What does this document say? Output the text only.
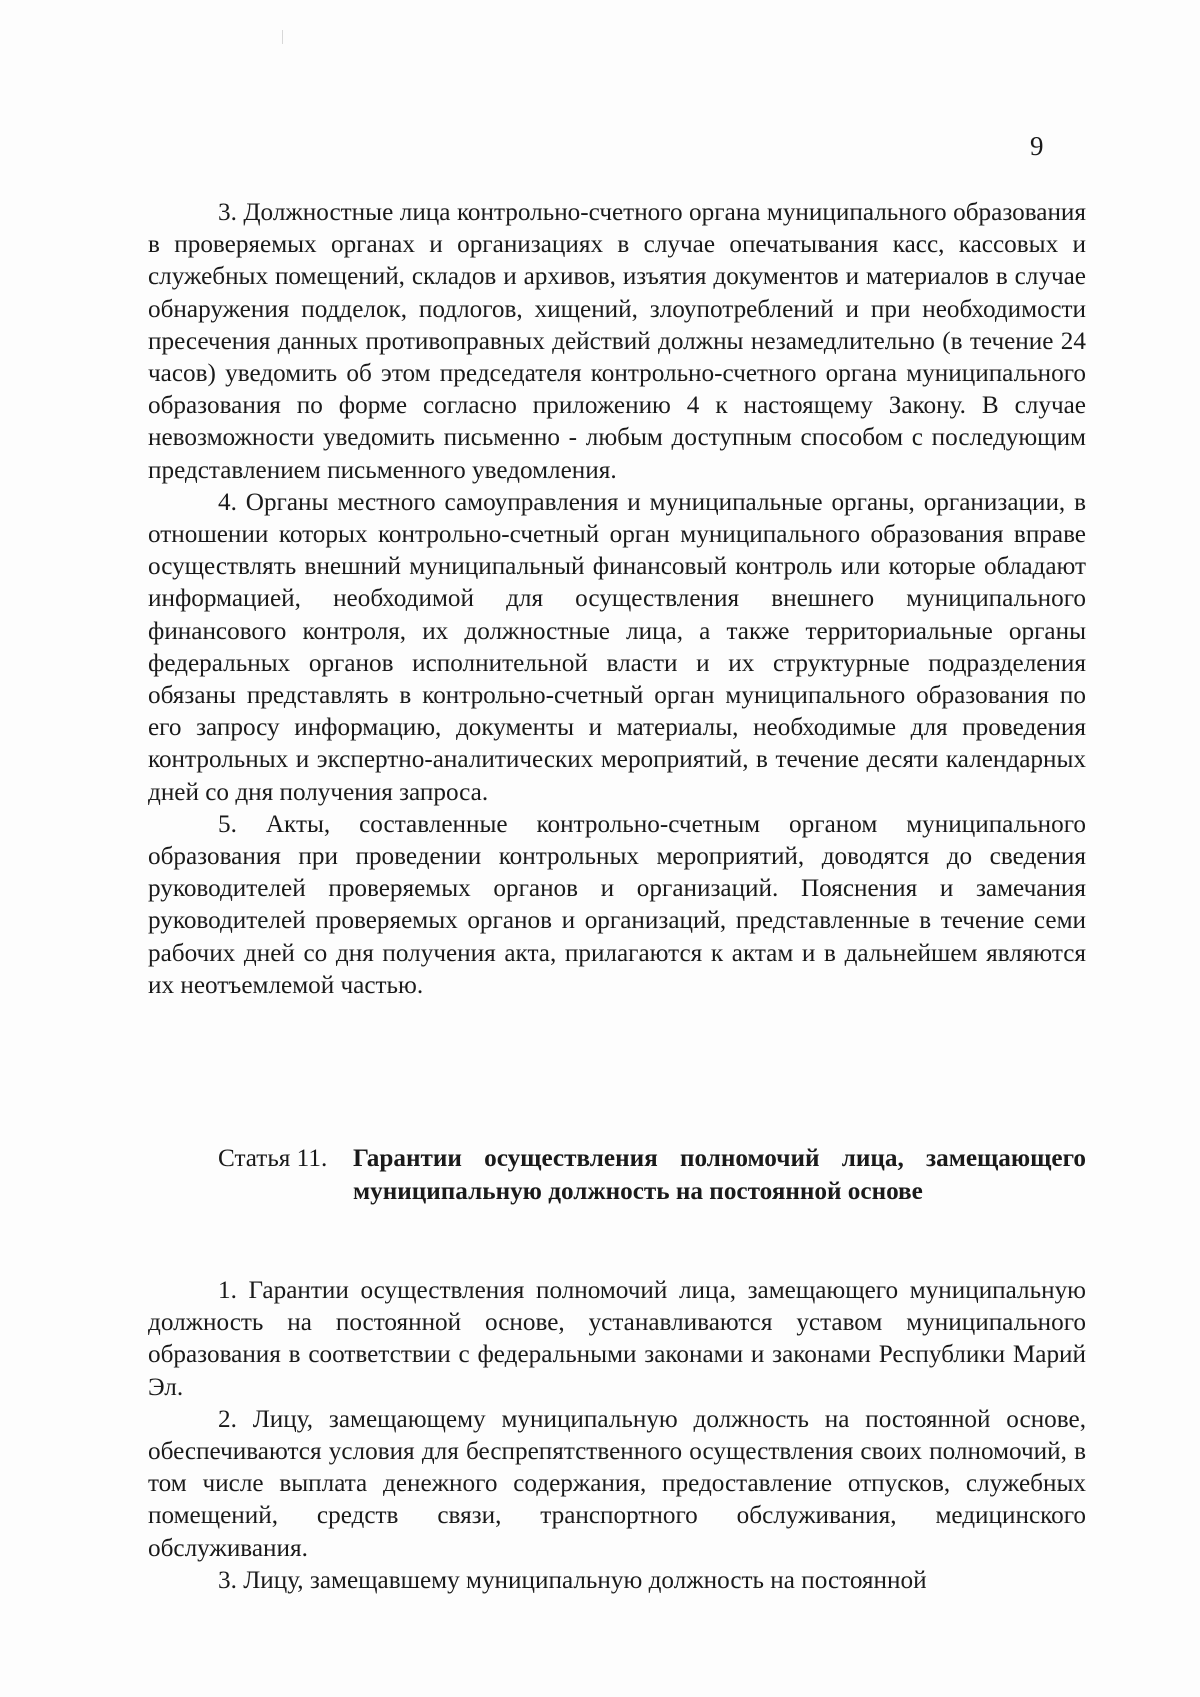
9

3. Должностные лица контрольно-счетного органа муниципального образования в проверяемых органах и организациях в случае опечатывания касс, кассовых и служебных помещений, складов и архивов, изъятия документов и материалов в случае обнаружения подделок, подлогов, хищений, злоупотреблений и при необходимости пресечения данных противоправных действий должны незамедлительно (в течение 24 часов) уведомить об этом председателя контрольно-счетного органа муниципального образования по форме согласно приложению 4 к настоящему Закону. В случае невозможности уведомить письменно - любым доступным способом с последующим представлением письменного уведомления.

4. Органы местного самоуправления и муниципальные органы, организации, в отношении которых контрольно-счетный орган муниципального образования вправе осуществлять внешний муниципальный финансовый контроль или которые обладают информацией, необходимой для осуществления внешнего муниципального финансового контроля, их должностные лица, а также территориальные органы федеральных органов исполнительной власти и их структурные подразделения обязаны представлять в контрольно-счетный орган муниципального образования по его запросу информацию, документы и материалы, необходимые для проведения контрольных и экспертно-аналитических мероприятий, в течение десяти календарных дней со дня получения запроса.

5. Акты, составленные контрольно-счетным органом муниципального образования при проведении контрольных мероприятий, доводятся до сведения руководителей проверяемых органов и организаций. Пояснения и замечания руководителей проверяемых органов и организаций, представленные в течение семи рабочих дней со дня получения акта, прилагаются к актам и в дальнейшем являются их неотъемлемой частью.

Статья 11.	Гарантии осуществления полномочий лица, замещающего муниципальную должность на постоянной основе

1. Гарантии осуществления полномочий лица, замещающего муниципальную должность на постоянной основе, устанавливаются уставом муниципального образования в соответствии с федеральными законами и законами Республики Марий Эл.

2. Лицу, замещающему муниципальную должность на постоянной основе, обеспечиваются условия для беспрепятственного осуществления своих полномочий, в том числе выплата денежного содержания, предоставление отпусков, служебных помещений, средств связи, транспортного обслуживания, медицинского обслуживания.

3. Лицу, замещавшему муниципальную должность на постоянной
